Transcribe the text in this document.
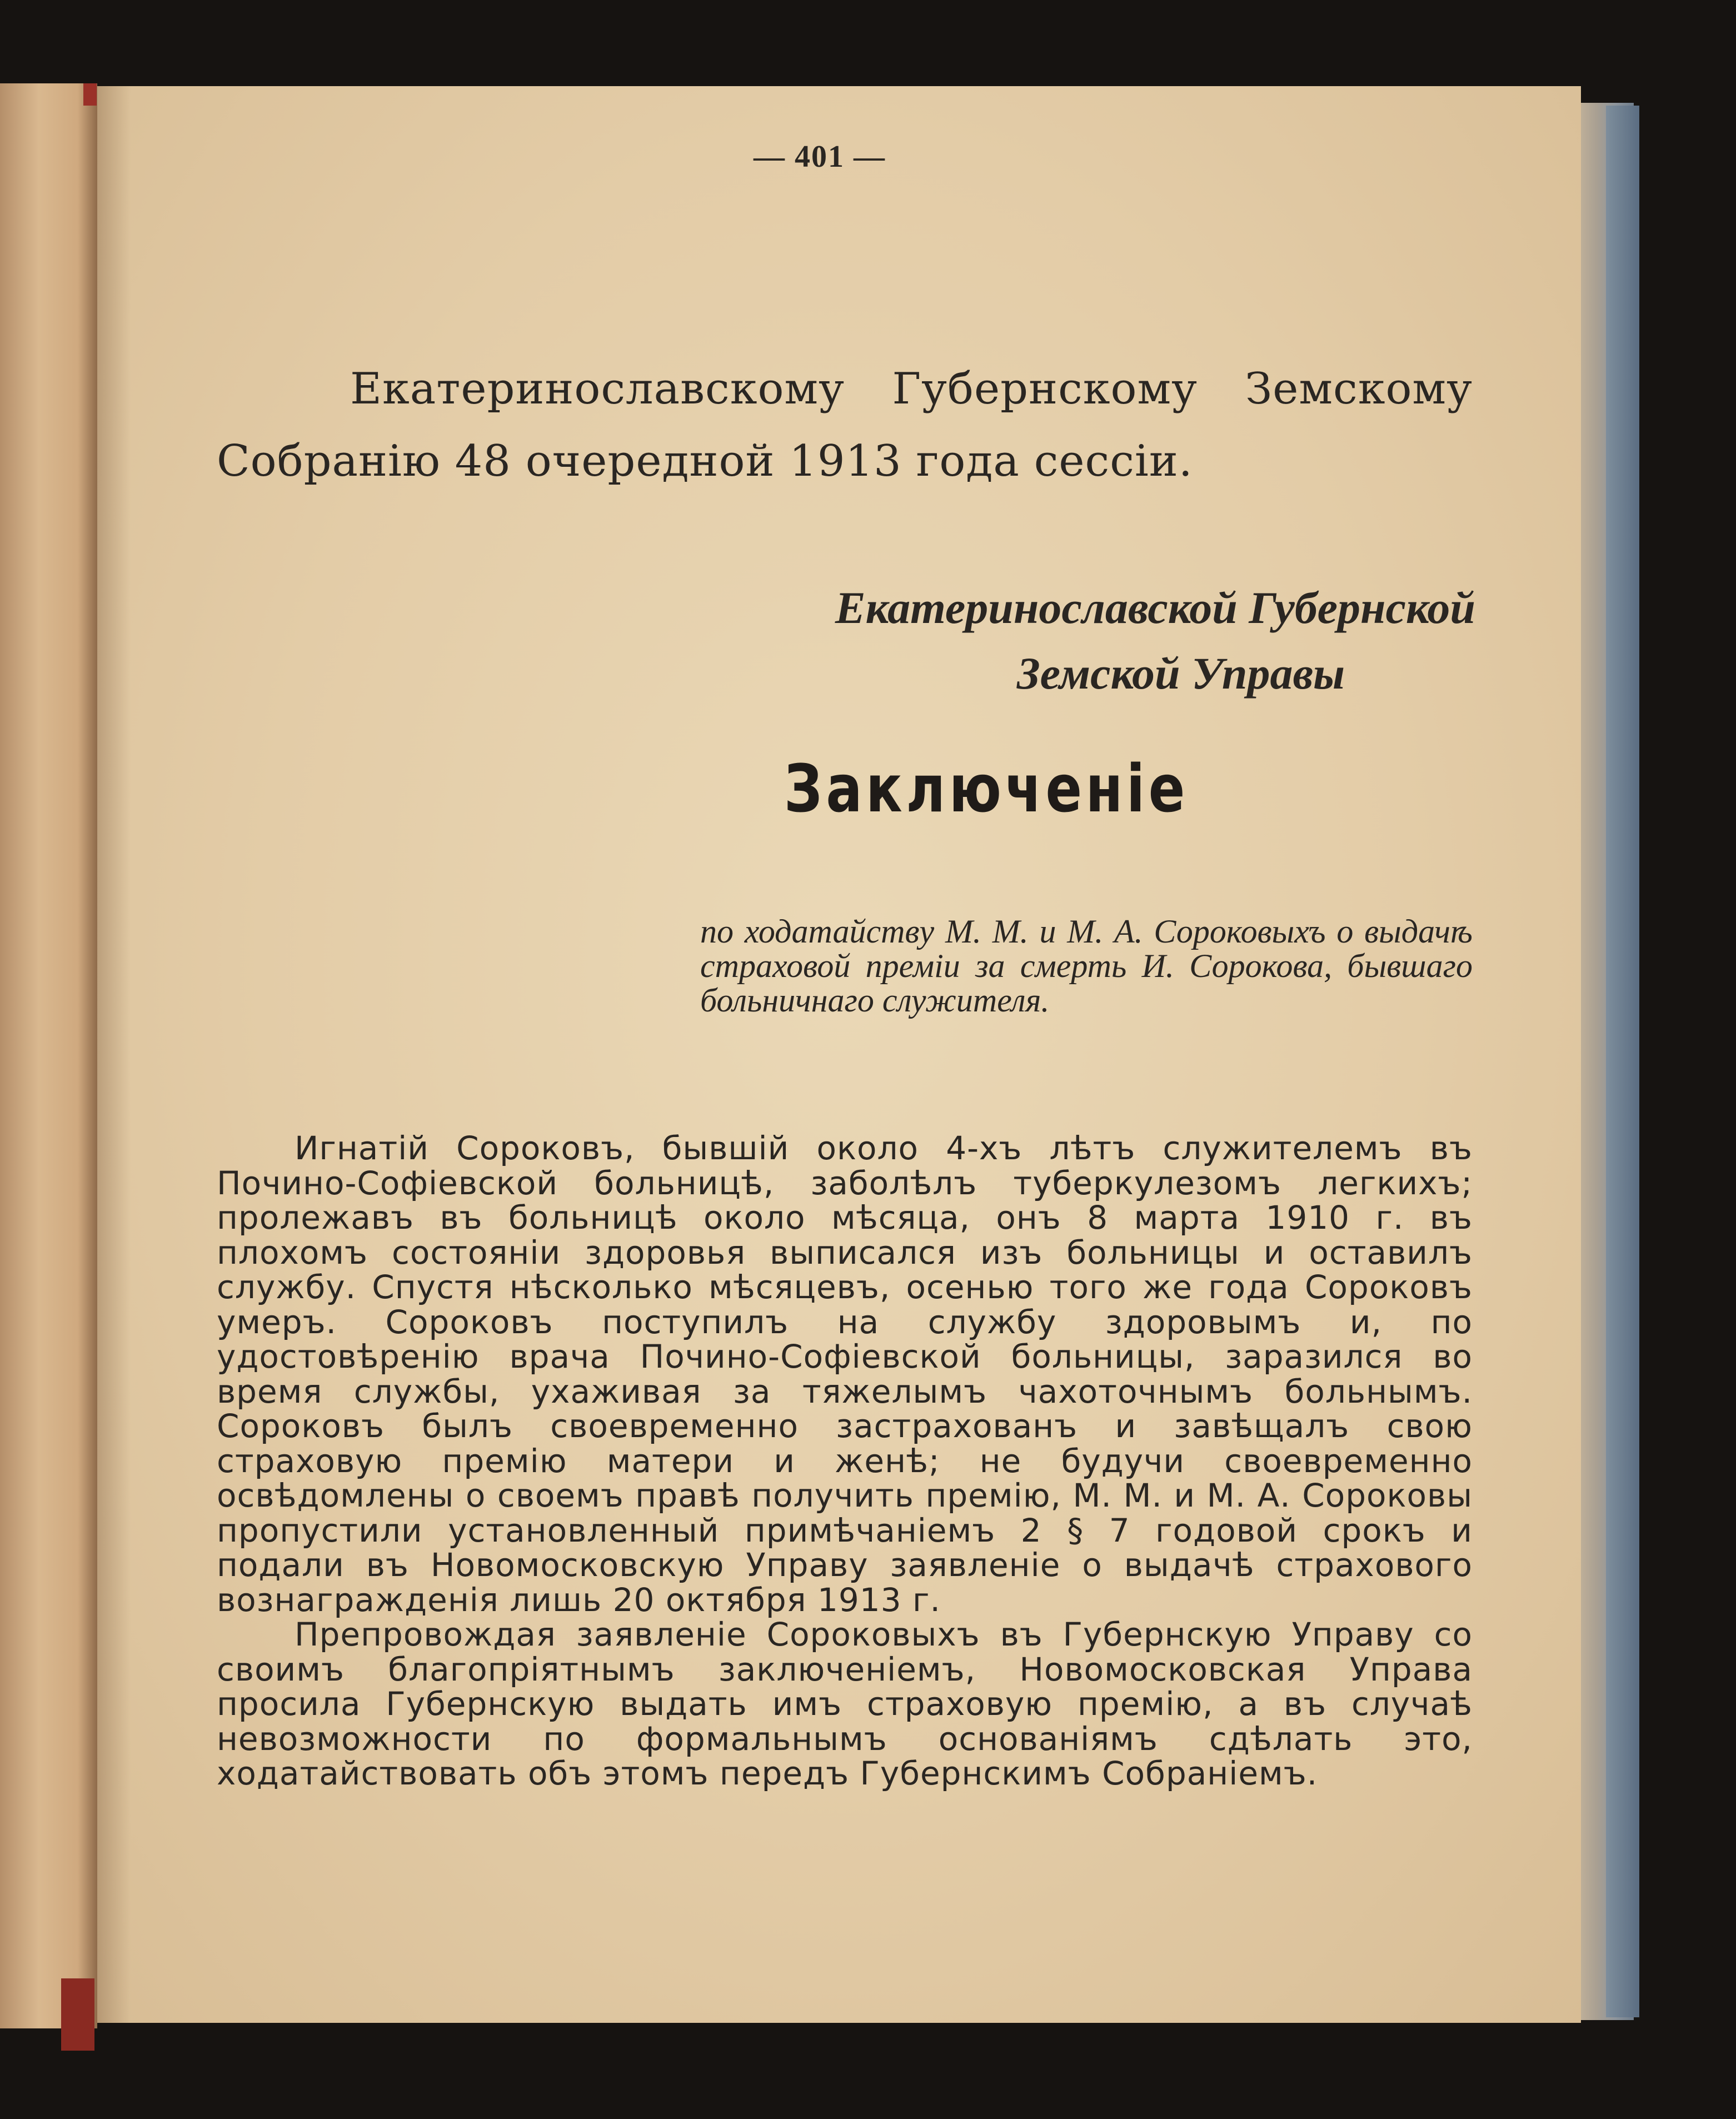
— 401 —
Екатеринославскому Губернскому Земскому
Собранію 48 очередной 1913 года сессіи.
Екатеринославской Губернской
Земской Управы
Заключеніе
по ходатайству М. М. и М. А. Сороковыхъ о выдачѣ страховой преміи за смерть И. Сорокова, бывшаго больничнаго служителя.

Игнатій Сороковъ, бывшій около 4-хъ лѣтъ служителемъ въ Почино-Софіевской больницѣ, заболѣлъ туберкулезомъ легкихъ; пролежавъ въ больницѣ около мѣсяца, онъ 8 марта 1910 г. въ плохомъ состояніи здоровья выписался изъ больницы и оставилъ службу. Спустя нѣсколько мѣсяцевъ, осенью того же года Сороковъ умеръ. Сороковъ поступилъ на службу здоровымъ и, по удостовѣренію врача Почино-Софіевской больницы, заразился во время службы, ухаживая за тяжелымъ чахоточнымъ больнымъ. Сороковъ былъ своевременно застрахованъ и завѣщалъ свою страховую премію матери и женѣ; не будучи своевременно освѣдомлены о своемъ правѣ получить премію, М. М. и М. А. Сороковы пропустили установленный примѣчаніемъ 2 § 7 годовой срокъ и подали въ Новомосковскую Управу заявленіе о выдачѣ страхового вознагражденія лишь 20 октября 1913 г.

Препровождая заявленіе Сороковыхъ въ Губернскую Управу со своимъ благопріятнымъ заключеніемъ, Новомосковская Управа просила Губернскую выдать имъ страховую премію, а въ случаѣ невозможности по формальнымъ основаніямъ сдѣлать это, ходатайствовать объ этомъ передъ Губернскимъ Собраніемъ.
